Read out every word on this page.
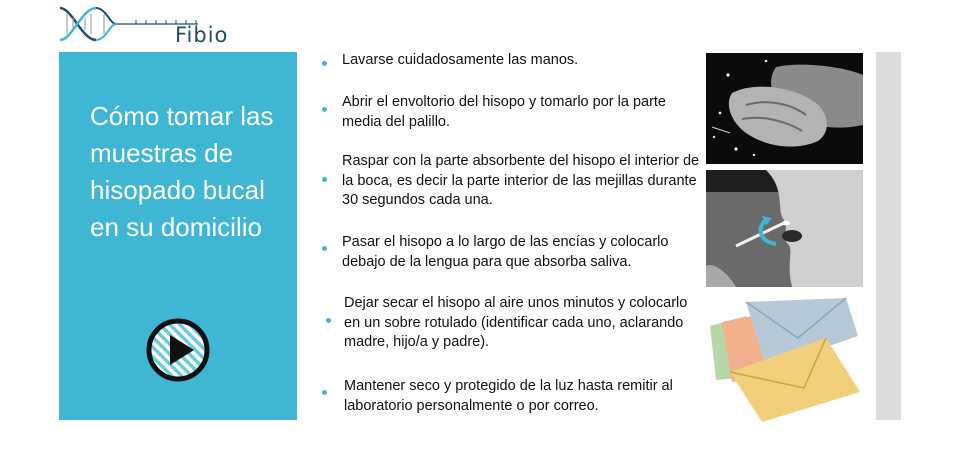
Fibio
Cómo tomar las muestras de hisopado bucal en su domicilio
Lavarse cuidadosamente las manos.
Abrir el envoltorio del hisopo y tomarlo por la parte media del palillo.
Raspar con la parte absorbente del hisopo el interior de la boca, es decir la parte interior de las mejillas durante 30 segundos cada una.
Pasar el hisopo a lo largo de las encías y colocarlo debajo de la lengua para que absorba saliva.
Dejar secar el hisopo al aire unos minutos y colocarlo en un sobre rotulado (identificar cada uno, aclarando madre, hijo/a y padre).
Mantener seco y protegido de la luz hasta remitir al laboratorio personalmente o por correo.
